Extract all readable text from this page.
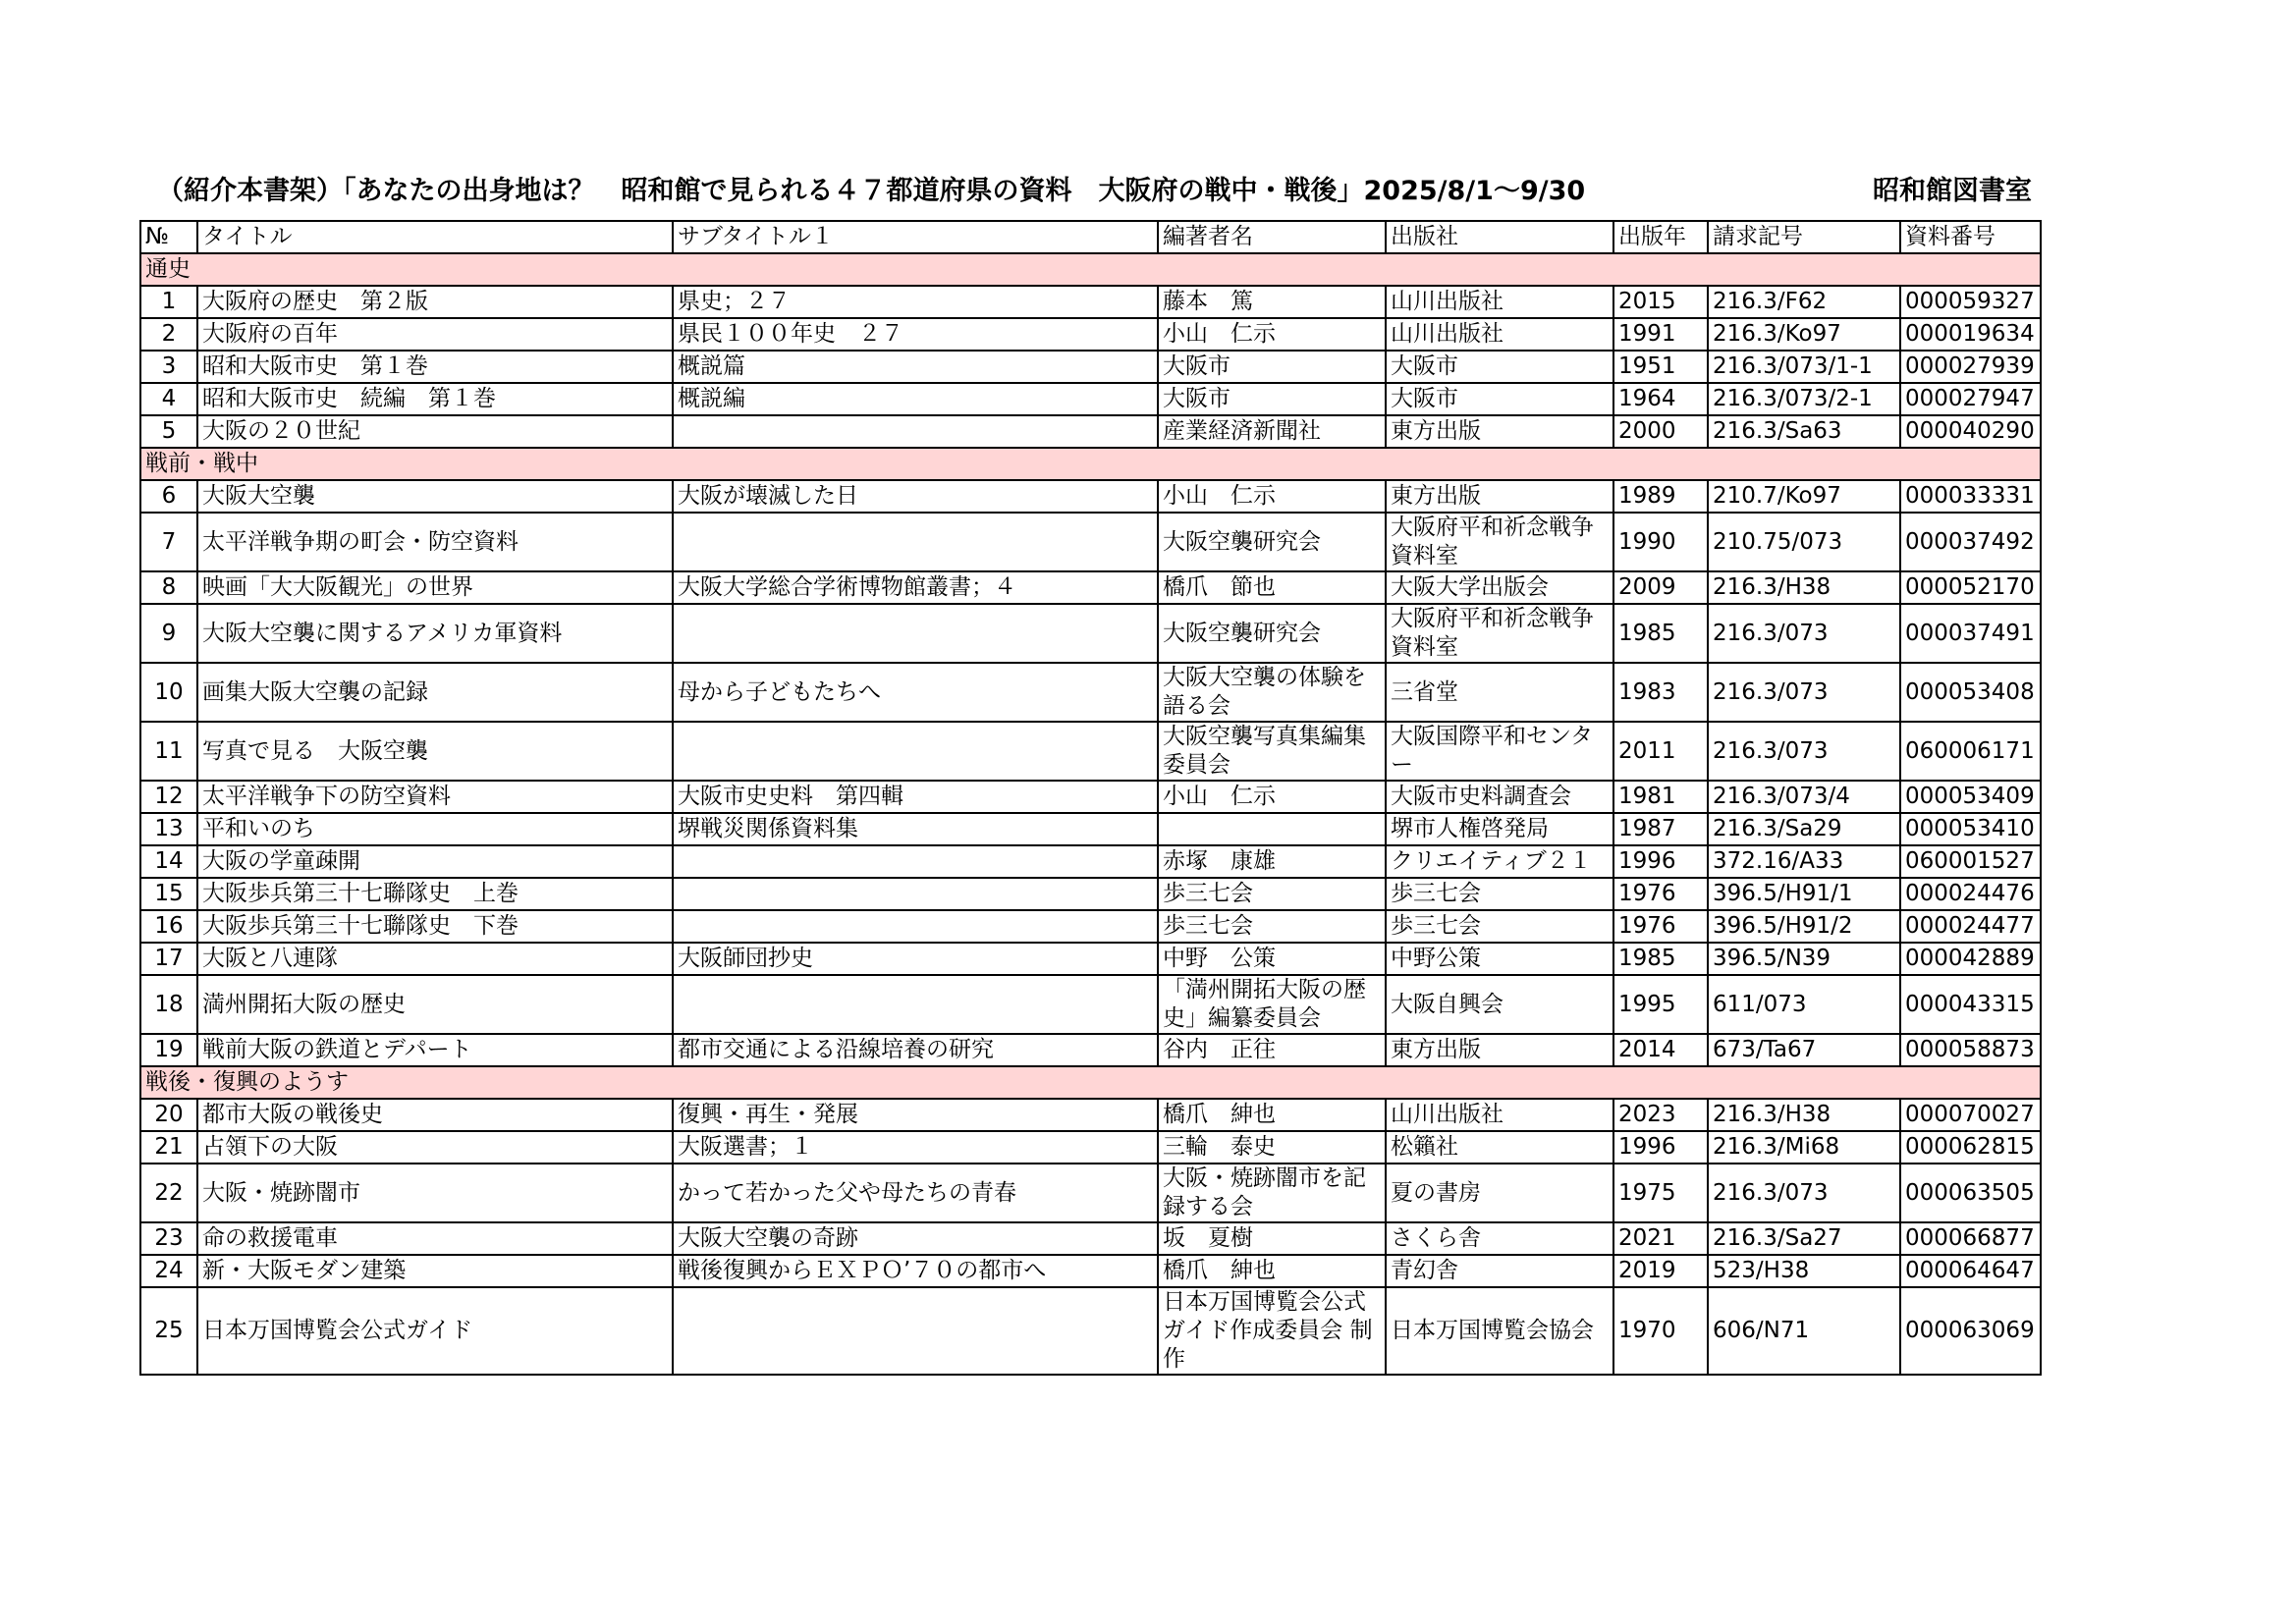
（紹介本書架）「あなたの出身地は？　昭和館で見られる４７都道府県の資料　大阪府の戦中・戦後」2025/8/1～9/30	昭和館図書室
№	タイトル	サブタイトル１	編著者名	出版社	出版年	請求記号	資料番号
通史							
1	大阪府の歴史　第２版	県史；２７	藤本　篤	山川出版社	2015	216.3/F62	000059327
2	大阪府の百年	県民１００年史　２７	小山　仁示	山川出版社	1991	216.3/Ko97	000019634
3	昭和大阪市史　第１巻	概説篇	大阪市	大阪市	1951	216.3/073/1-1	000027939
4	昭和大阪市史　続編　第１巻	概説編	大阪市	大阪市	1964	216.3/073/2-1	000027947
5	大阪の２０世紀		産業経済新聞社	東方出版	2000	216.3/Sa63	000040290
戦前・戦中							
6	大阪大空襲	大阪が壊滅した日	小山　仁示	東方出版	1989	210.7/Ko97	000033331
7	太平洋戦争期の町会・防空資料		大阪空襲研究会	大阪府平和祈念戦争資料室	1990	210.75/073	000037492
8	映画「大大阪観光」の世界	大阪大学総合学術博物館叢書；４	橋爪　節也	大阪大学出版会	2009	216.3/H38	000052170
9	大阪大空襲に関するアメリカ軍資料		大阪空襲研究会	大阪府平和祈念戦争資料室	1985	216.3/073	000037491
10	画集大阪大空襲の記録	母から子どもたちへ	大阪大空襲の体験を語る会	三省堂	1983	216.3/073	000053408
11	写真で見る　大阪空襲		大阪空襲写真集編集委員会	大阪国際平和センター	2011	216.3/073	060006171
12	太平洋戦争下の防空資料	大阪市史史料　第四輯	小山　仁示	大阪市史料調査会	1981	216.3/073/4	000053409
13	平和いのち	堺戦災関係資料集		堺市人権啓発局	1987	216.3/Sa29	000053410
14	大阪の学童疎開		赤塚　康雄	クリエイティブ２１	1996	372.16/A33	060001527
15	大阪歩兵第三十七聯隊史　上巻		歩三七会	歩三七会	1976	396.5/H91/1	000024476
16	大阪歩兵第三十七聯隊史　下巻		歩三七会	歩三七会	1976	396.5/H91/2	000024477
17	大阪と八連隊	大阪師団抄史	中野　公策	中野公策	1985	396.5/N39	000042889
18	満州開拓大阪の歴史		「満州開拓大阪の歴史」編纂委員会	大阪自興会	1995	611/073	000043315
19	戦前大阪の鉄道とデパート	都市交通による沿線培養の研究	谷内　正往	東方出版	2014	673/Ta67	000058873
戦後・復興のようす							
20	都市大阪の戦後史	復興・再生・発展	橋爪　紳也	山川出版社	2023	216.3/H38	000070027
21	占領下の大阪	大阪選書；１	三輪　泰史	松籟社	1996	216.3/Mi68	000062815
22	大阪・焼跡闇市	かって若かった父や母たちの青春	大阪・焼跡闇市を記録する会	夏の書房	1975	216.3/073	000063505
23	命の救援電車	大阪大空襲の奇跡	坂　夏樹	さくら舎	2021	216.3/Sa27	000066877
24	新・大阪モダン建築	戦後復興からＥＸＰＯ’７０の都市へ	橋爪　紳也	青幻舎	2019	523/H38	000064647
25	日本万国博覧会公式ガイド		日本万国博覧会公式ガイド作成委員会 制作	日本万国博覧会協会	1970	606/N71	000063069
